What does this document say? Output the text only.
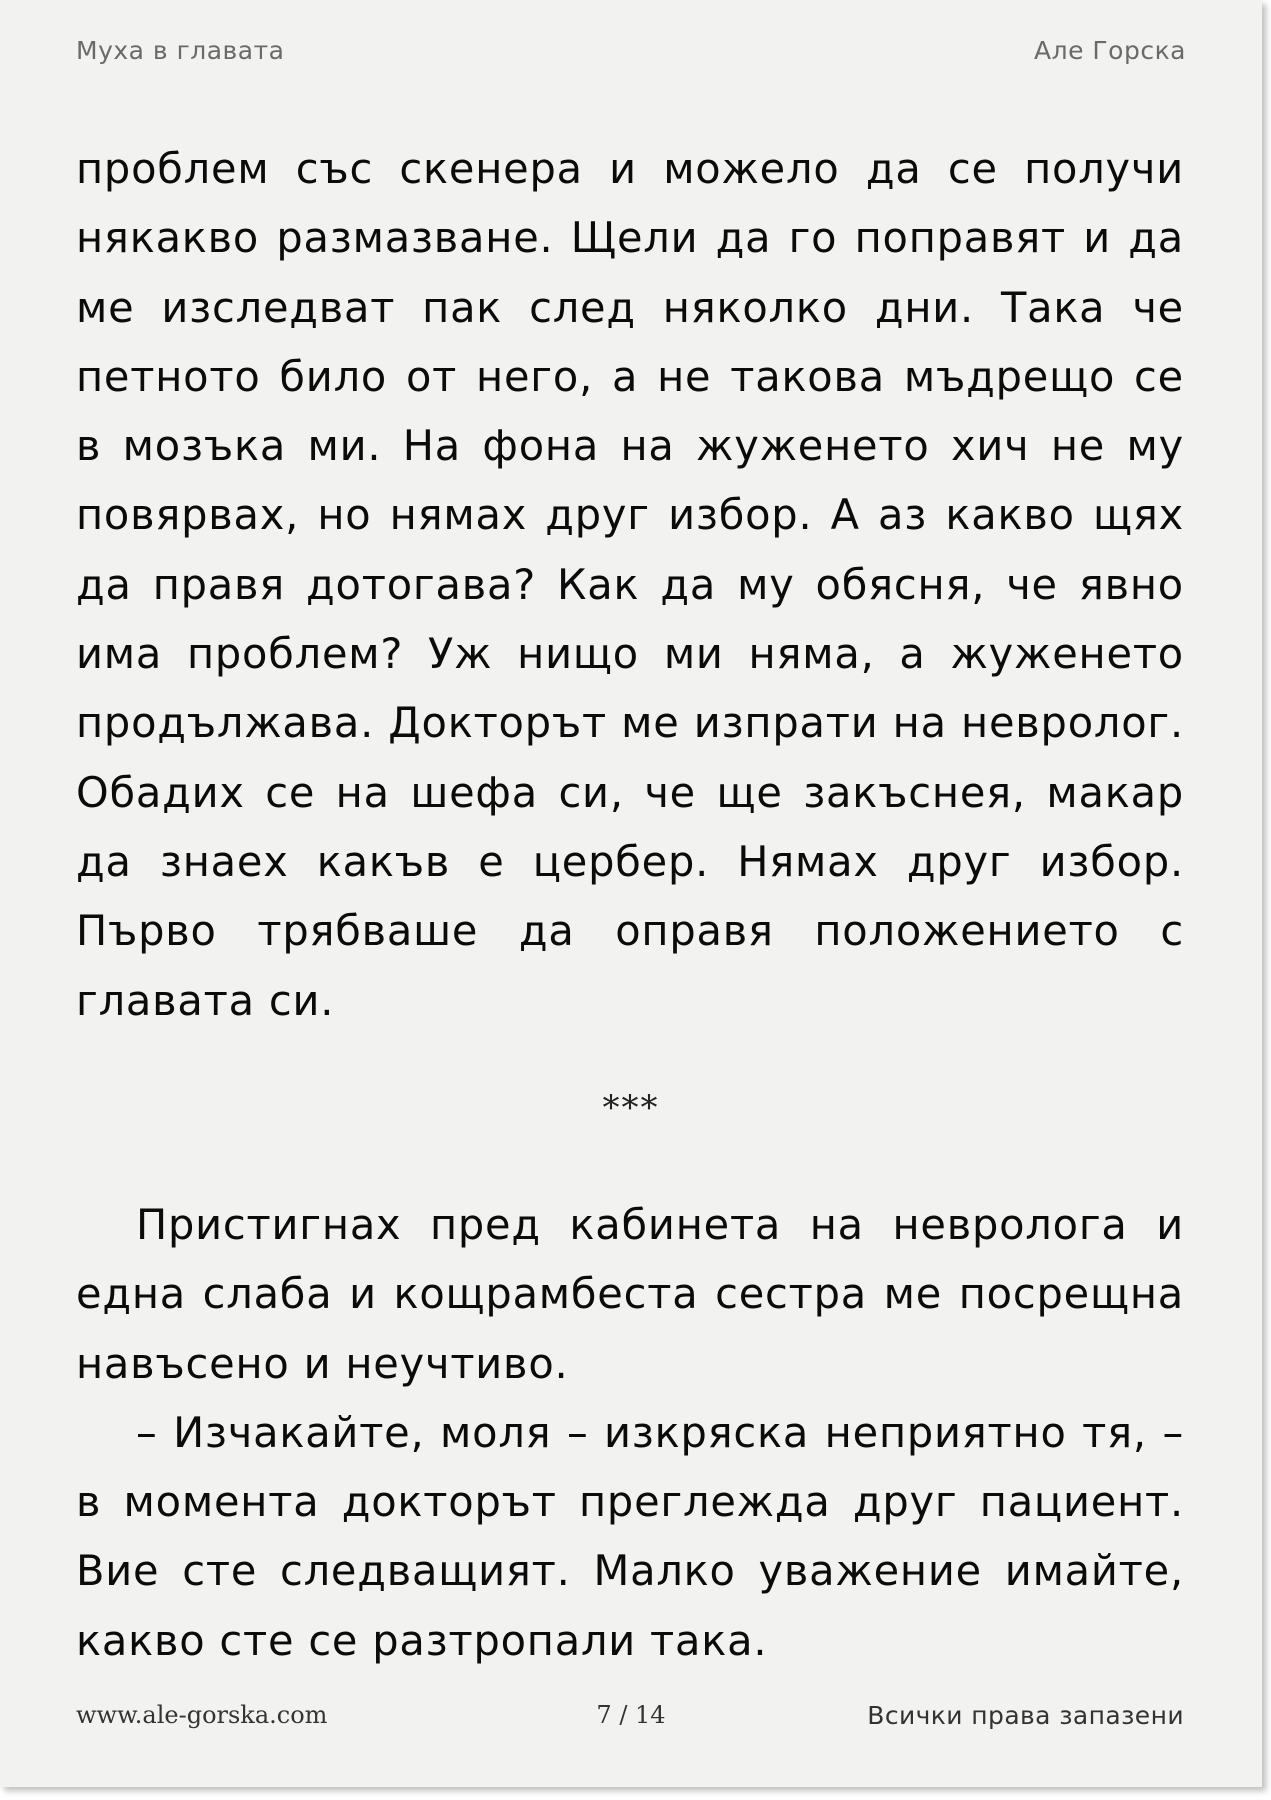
Муха в главата	Але Горска

проблем със скенера и можело да се получи някакво размазване. Щели да го поправят и да ме изследват пак след няколко дни. Така че петното било от него, а не такова мъдрещо се в мозъка ми. На фона на жуженето хич не му повярвах, но нямах друг избор. А аз какво щях да правя дотогава? Как да му обясня, че явно има проблем? Уж нищо ми няма, а жуженето продължава. Докторът ме изпрати на невролог. Обадих се на шефа си, че ще закъснея, макар да знаех какъв е цербер. Нямах друг избор. Първо трябваше да оправя положението с главата си.

***

Пристигнах пред кабинета на невролога и една слаба и кощрамбеста сестра ме посрещна навъсено и неучтиво.

– Изчакайте, моля – изкряска неприятно тя, – в момента докторът преглежда друг пациент. Вие сте следващият. Малко уважение имайте, какво сте се разтропали така.

www.ale-gorska.com	7 / 14	Всички права запазени
